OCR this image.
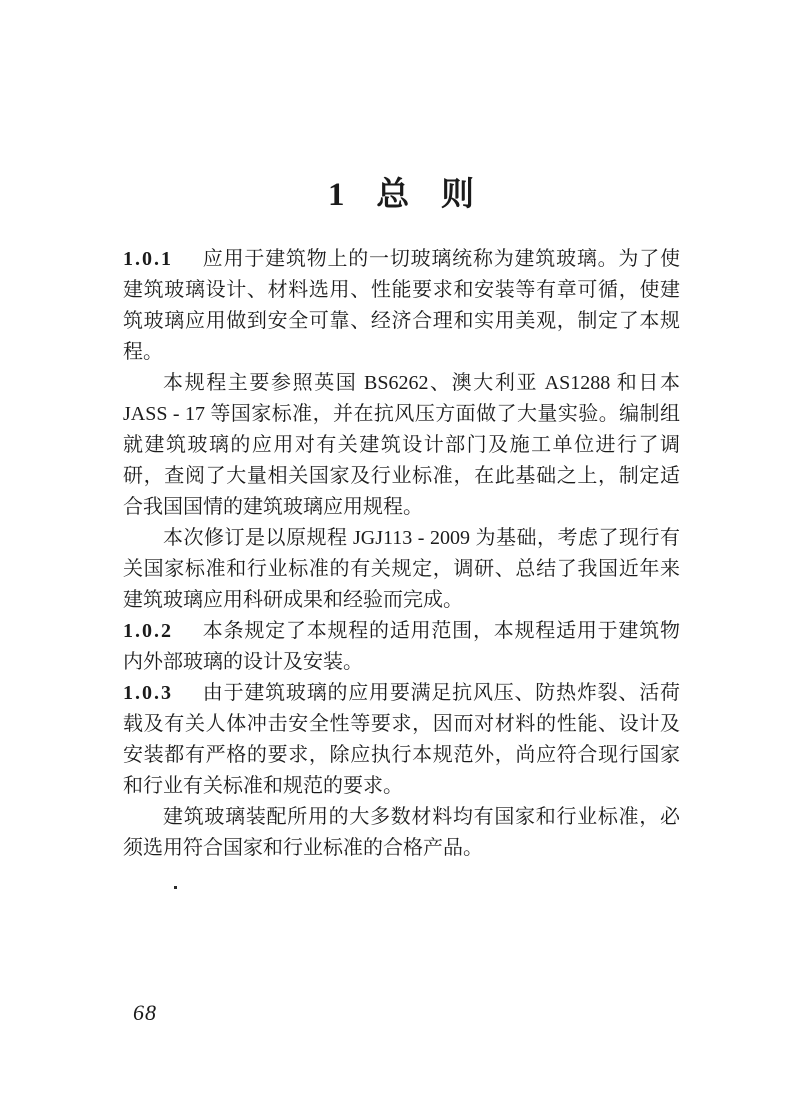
1 总 则

1.0.1 应用于建筑物上的一切玻璃统称为建筑玻璃。为了使建筑玻璃设计、材料选用、性能要求和安装等有章可循，使建筑玻璃应用做到安全可靠、经济合理和实用美观，制定了本规程。

本规程主要参照英国 BS6262、澳大利亚 AS1288 和日本 JASS - 17 等国家标准，并在抗风压方面做了大量实验。编制组就建筑玻璃的应用对有关建筑设计部门及施工单位进行了调研，查阅了大量相关国家及行业标准，在此基础之上，制定适合我国国情的建筑玻璃应用规程。

本次修订是以原规程 JGJ113 - 2009 为基础，考虑了现行有关国家标准和行业标准的有关规定，调研、总结了我国近年来建筑玻璃应用科研成果和经验而完成。

1.0.2 本条规定了本规程的适用范围，本规程适用于建筑物内外部玻璃的设计及安装。

1.0.3 由于建筑玻璃的应用要满足抗风压、防热炸裂、活荷载及有关人体冲击安全性等要求，因而对材料的性能、设计及安装都有严格的要求，除应执行本规范外，尚应符合现行国家和行业有关标准和规范的要求。

建筑玻璃装配所用的大多数材料均有国家和行业标准，必须选用符合国家和行业标准的合格产品。

68
